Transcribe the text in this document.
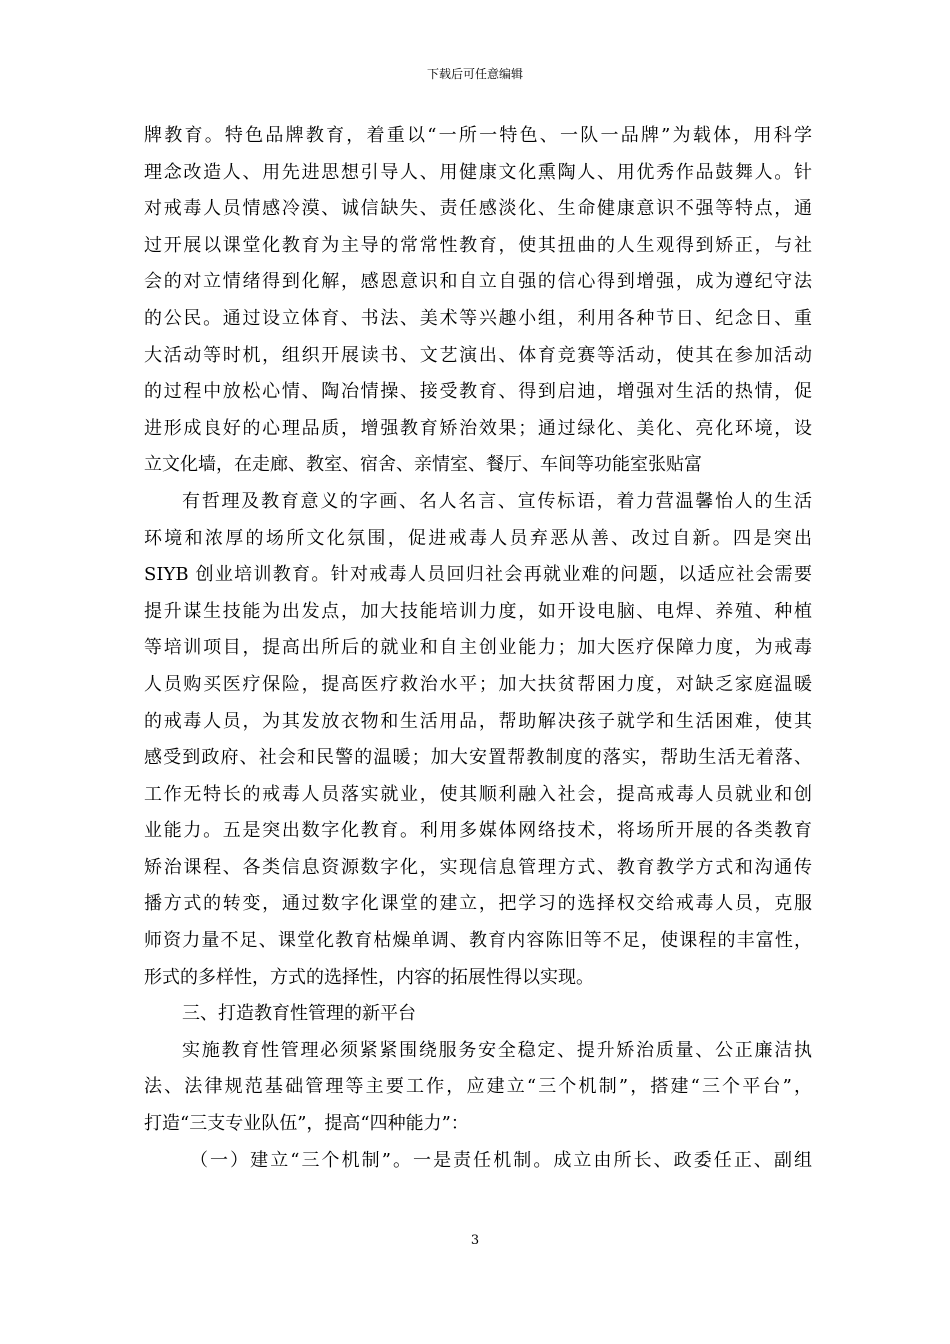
下载后可任意编辑
牌教育。特色品牌教育，着重以“一所一特色、一队一品牌”为载体，用科学
理念改造人、用先进思想引导人、用健康文化熏陶人、用优秀作品鼓舞人。针
对戒毒人员情感冷漠、诚信缺失、责任感淡化、生命健康意识不强等特点，通
过开展以课堂化教育为主导的常常性教育，使其扭曲的人生观得到矫正，与社
会的对立情绪得到化解，感恩意识和自立自强的信心得到增强，成为遵纪守法
的公民。通过设立体育、书法、美术等兴趣小组，利用各种节日、纪念日、重
大活动等时机，组织开展读书、文艺演出、体育竞赛等活动，使其在参加活动
的过程中放松心情、陶冶情操、接受教育、得到启迪，增强对生活的热情，促
进形成良好的心理品质，增强教育矫治效果；通过绿化、美化、亮化环境，设
立文化墙，在走廊、教室、宿舍、亲情室、餐厅、车间等功能室张贴富
有哲理及教育意义的字画、名人名言、宣传标语，着力营温馨怡人的生活
环境和浓厚的场所文化氛围，促进戒毒人员弃恶从善、改过自新。四是突出
SIYB 创业培训教育。针对戒毒人员回归社会再就业难的问题，以适应社会需要
提升谋生技能为出发点，加大技能培训力度，如开设电脑、电焊、养殖、种植
等培训项目，提高出所后的就业和自主创业能力；加大医疗保障力度，为戒毒
人员购买医疗保险，提高医疗救治水平；加大扶贫帮困力度，对缺乏家庭温暖
的戒毒人员，为其发放衣物和生活用品，帮助解决孩子就学和生活困难，使其
感受到政府、社会和民警的温暖；加大安置帮教制度的落实，帮助生活无着落、
工作无特长的戒毒人员落实就业，使其顺利融入社会，提高戒毒人员就业和创
业能力。五是突出数字化教育。利用多媒体网络技术，将场所开展的各类教育
矫治课程、各类信息资源数字化，实现信息管理方式、教育教学方式和沟通传
播方式的转变，通过数字化课堂的建立，把学习的选择权交给戒毒人员，克服
师资力量不足、课堂化教育枯燥单调、教育内容陈旧等不足，使课程的丰富性，
形式的多样性，方式的选择性，内容的拓展性得以实现。
三、打造教育性管理的新平台
实施教育性管理必须紧紧围绕服务安全稳定、提升矫治质量、公正廉洁执
法、法律规范基础管理等主要工作，应建立“三个机制”，搭建“三个平台”，
打造“三支专业队伍”，提高“四种能力”：
（一）建立“三个机制”。一是责任机制。成立由所长、政委任正、副组
3
